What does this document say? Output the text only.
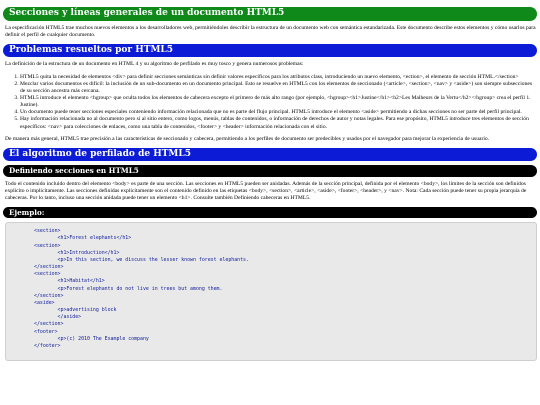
Secciones y líneas generales de un documento HTML5

La especificación HTML5 trae muchos nuevos elementos a los desarrolladores web, permitiéndoles describir la estructura de un documento web con semántica estandarizada. Este documento describe estos elementos y cómo usarlos para definir el perfil de cualquier documento.

Problemas resueltos por HTML5

La definición de la estructura de un documento en HTML 4 y su algoritmo de perfilado es muy tosco y genera numerosos problemas:

1. HTML5 quita la necesidad de elementos <div> para definir secciones semánticas sin definir valores específicos para los atributos class, introduciendo un nuevo elemento, <ection>, el elemento de sección HTML.</section>
2. Mezclar varios documentos es difícil: la inclusión de un sub-documento en un documento principal. Esto se resuelve en HTML5 con los elementos de seccionado (<article>, <section>, <nav> y <aside>) son siempre subsecciones de su sección ancestra más cercana.
3. HTML5 introduce el elemento <hgroup> que oculta todos los elementos de cabecera excepto el primero de más alto rango (por ejemplo, <hgroup><h1>Justine</h1><h2>Les Malheurs de la Vertu</h2></hgroup> crea el perfil 1. Justine).
4. Un documento puede tener secciones especiales conteniendo información relacionada que no es parte del flujo principal. HTML5 introduce el elemento <aside> permitiendo a dichas secciones no ser parte del perfil principal.
5. Hay información relacionada no al documento pero sí al sitio entero, como logos, menús, tablas de contenidos, o información de derechos de autor y notas legales. Para ese propósito, HTML5 introduce tres elementos de sección específicos: <nav> para colecciones de enlaces, como una tabla de contenidos, <footer> y <header> información relacionada con el sitio.

De manera más general, HTML5 trae precisión a las características de seccionado y cabecera, permitiendo a los perfiles de documento ser predecibles y usados por el navegador para mejorar la experiencia de usuario.

El algoritmo de perfilado de HTML5
Definiendo secciones en HTML5

Todo el contenido incluido dentro del elemento <body> es parte de una sección. Las secciones en HTML5 pueden ser anidadas. Además de la sección principal, definida por el elemento <body>, los límites de la sección son definidos explícito o implícitamente. Las secciones definidas explícitamente son el contenido definido en las etiquetas <body>, <section>, <article>, <aside>, <footer>, <header>, y <nav>. Nota: Cada sección puede tener su propia jerarquía de cabeceras. Por lo tanto, incluso una sección anidada puede tener un elemento <h1>. Consulte también Definiendo cabeceras en HTML5.

Ejemplo:
<section>
<h1>Forest elephants</h1>
<section>
<h1>Introduction</h1>
<p>In this section, we discuss the lesser known forest elephants.
</section>
<section>
<h1>Habitat</h1>
<p>Forest elephants do not live in trees but among them.
</section>
<aside>
<p>advertising block
</aside>
</section>
<footer>
<p>(c) 2010 The Example company
</footer>
